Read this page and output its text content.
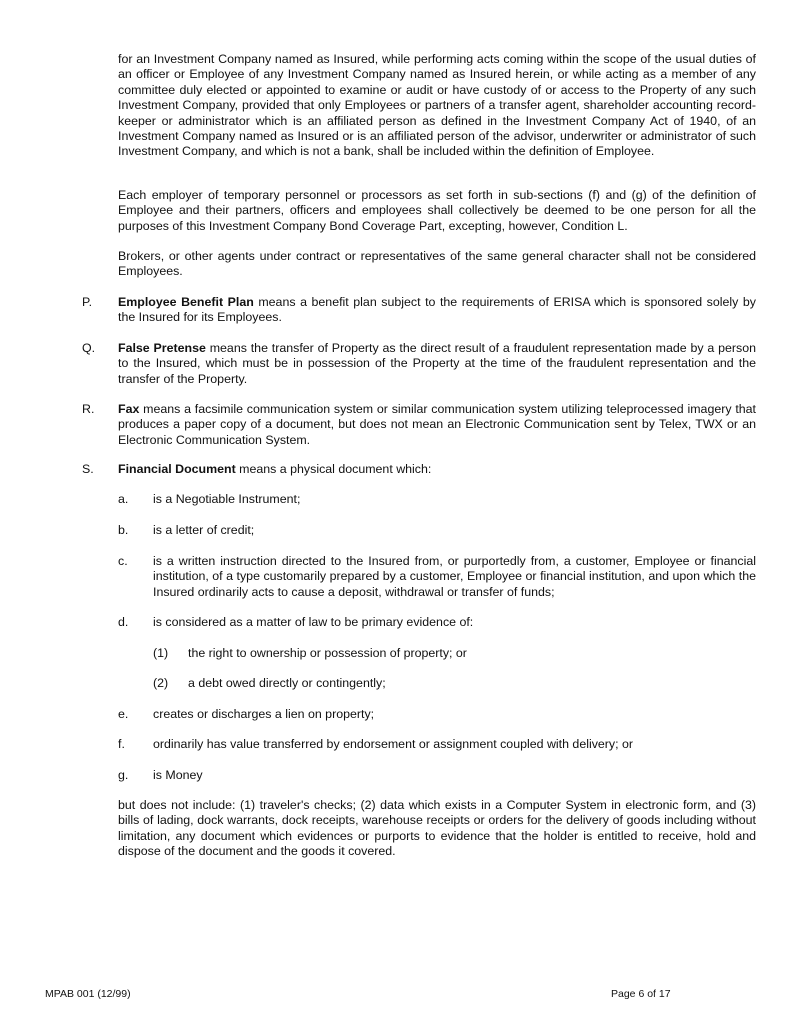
for an Investment Company named as Insured, while performing acts coming within the scope of the usual duties of an officer or Employee of any Investment Company named as Insured herein, or while acting as a member of any committee duly elected or appointed to examine or audit or have custody of or access to the Property of any such Investment Company, provided that only Employees or partners of a transfer agent, shareholder accounting record-keeper or administrator which is an affiliated person as defined in the Investment Company Act of 1940, of an Investment Company named as Insured or is an affiliated person of the advisor, underwriter or administrator of such Investment Company, and which is not a bank, shall be included within the definition of Employee.

Each employer of temporary personnel or processors as set forth in sub-sections (f) and (g) of the definition of Employee and their partners, officers and employees shall collectively be deemed to be one person for all the purposes of this Investment Company Bond Coverage Part, excepting, however, Condition L.

Brokers, or other agents under contract or representatives of the same general character shall not be considered Employees.

P.	Employee Benefit Plan means a benefit plan subject to the requirements of ERISA which is sponsored solely by the Insured for its Employees.
Q.	False Pretense means the transfer of Property as the direct result of a fraudulent representation made by a person to the Insured, which must be in possession of the Property at the time of the fraudulent representation and the transfer of the Property.
R.	Fax means a facsimile communication system or similar communication system utilizing teleprocessed imagery that produces a paper copy of a document, but does not mean an Electronic Communication sent by Telex, TWX or an Electronic Communication System.
S.	Financial Document means a physical document which:
a. is a Negotiable Instrument;
b. is a letter of credit;
c. is a written instruction directed to the Insured from, or purportedly from, a customer, Employee or financial institution, of a type customarily prepared by a customer, Employee or financial institution, and upon which the Insured ordinarily acts to cause a deposit, withdrawal or transfer of funds;
d. is considered as a matter of law to be primary evidence of:
(1) the right to ownership or possession of property; or
(2) a debt owed directly or contingently;
e. creates or discharges a lien on property;
f. ordinarily has value transferred by endorsement or assignment coupled with delivery; or
g. is Money

but does not include: (1) traveler's checks; (2) data which exists in a Computer System in electronic form, and (3) bills of lading, dock warrants, dock receipts, warehouse receipts or orders for the delivery of goods including without limitation, any document which evidences or purports to evidence that the holder is entitled to receive, hold and dispose of the document and the goods it covered.

MPAB 001 (12/99)	Page 6 of 17
